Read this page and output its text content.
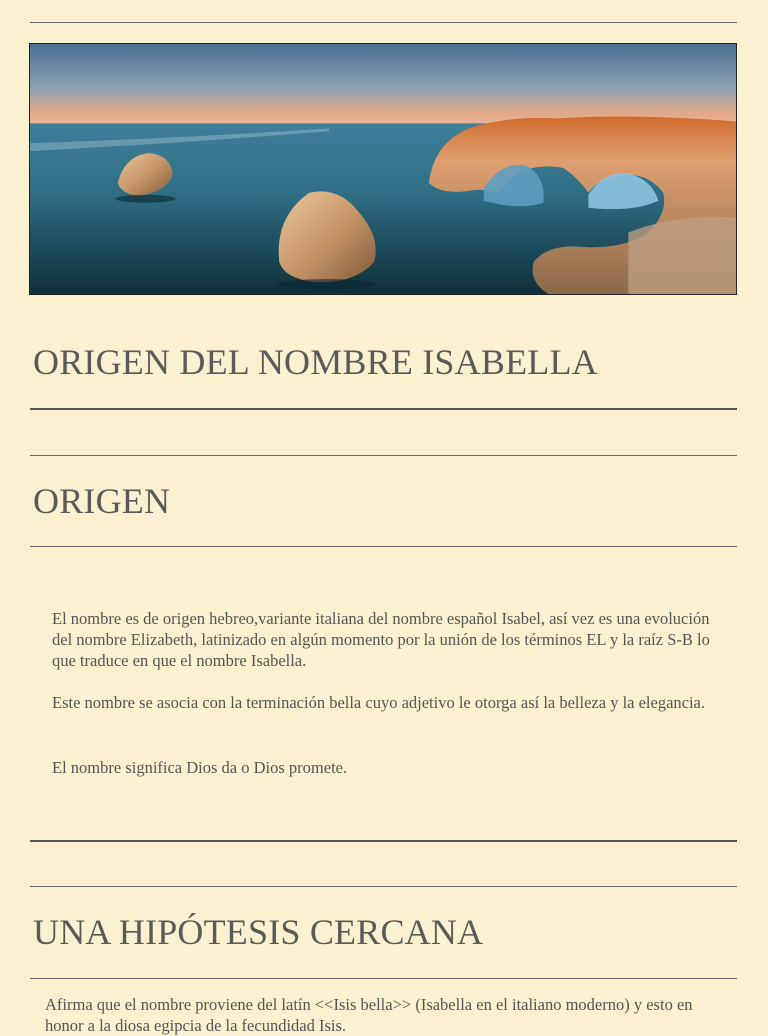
ORIGEN DEL NOMBRE ISABELLA
ORIGEN

El nombre es de origen hebreo,variante italiana del nombre español Isabel, así vez es una evolución del nombre Elizabeth, latinizado en algún momento por la unión de los términos EL y la raíz S-B lo que traduce en que el nombre Isabella.

Este nombre se asocia con la terminación bella cuyo adjetivo le otorga así la belleza y la elegancia.

El nombre significa Dios da o Dios promete.

UNA HIPÓTESIS CERCANA

Afirma que el nombre proviene del latín <<Isis bella>> (Isabella en el italiano moderno) y esto en honor a la diosa egipcia de la fecundidad Isis.
